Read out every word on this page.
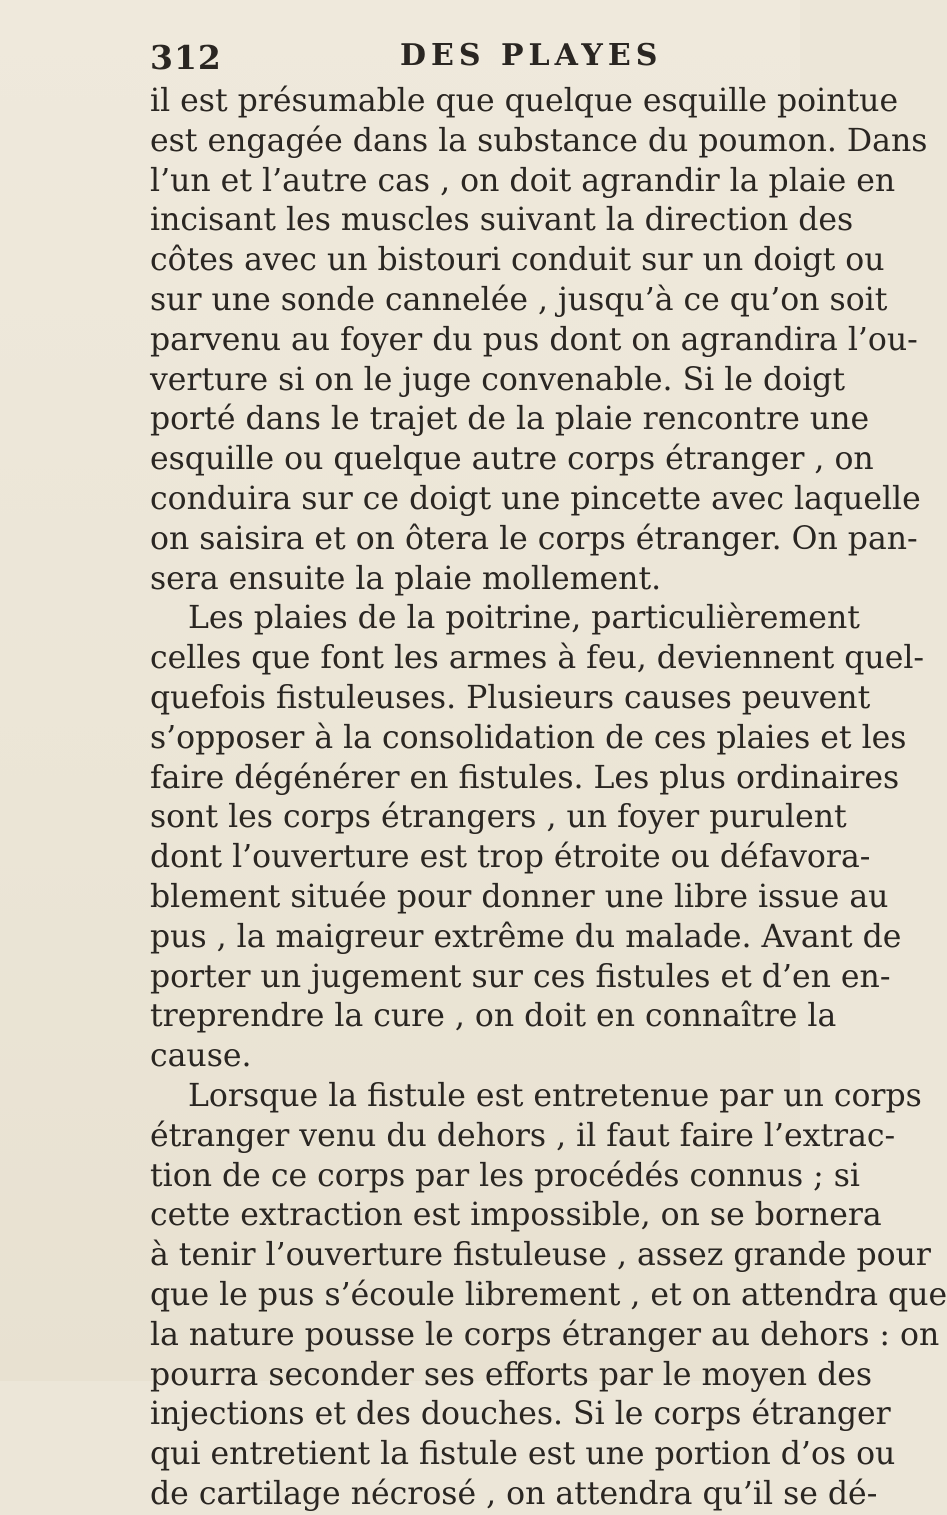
312	DES PLAYES
il est présumable que quelque esquille pointue
est engagée dans la substance du poumon. Dans
l’un et l’autre cas , on doit agrandir la plaie en
incisant les muscles suivant la direction des
côtes avec un bistouri conduit sur un doigt ou
sur une sonde cannelée , jusqu’à ce qu’on soit
parvenu au foyer du pus dont on agrandira l’ou-
verture si on le juge convenable. Si le doigt
porté dans le trajet de la plaie rencontre une
esquille ou quelque autre corps étranger , on
conduira sur ce doigt une pincette avec laquelle
on saisira et on ôtera le corps étranger. On pan-
sera ensuite la plaie mollement.
Les plaies de la poitrine, particulièrement
celles que font les armes à feu, deviennent quel-
quefois fistuleuses. Plusieurs causes peuvent
s’opposer à la consolidation de ces plaies et les
faire dégénérer en fistules. Les plus ordinaires
sont les corps étrangers , un foyer purulent
dont l’ouverture est trop étroite ou défavora-
blement située pour donner une libre issue au
pus , la maigreur extrême du malade. Avant de
porter un jugement sur ces fistules et d’en en-
treprendre la cure , on doit en connaître la
cause.
Lorsque la fistule est entretenue par un corps
étranger venu du dehors , il faut faire l’extrac-
tion de ce corps par les procédés connus ; si
cette extraction est impossible, on se bornera
à tenir l’ouverture fistuleuse , assez grande pour
que le pus s’écoule librement , et on attendra que
la nature pousse le corps étranger au dehors : on
pourra seconder ses efforts par le moyen des
injections et des douches. Si le corps étranger
qui entretient la fistule est une portion d’os ou
de cartilage nécrosé , on attendra qu’il se dé-
